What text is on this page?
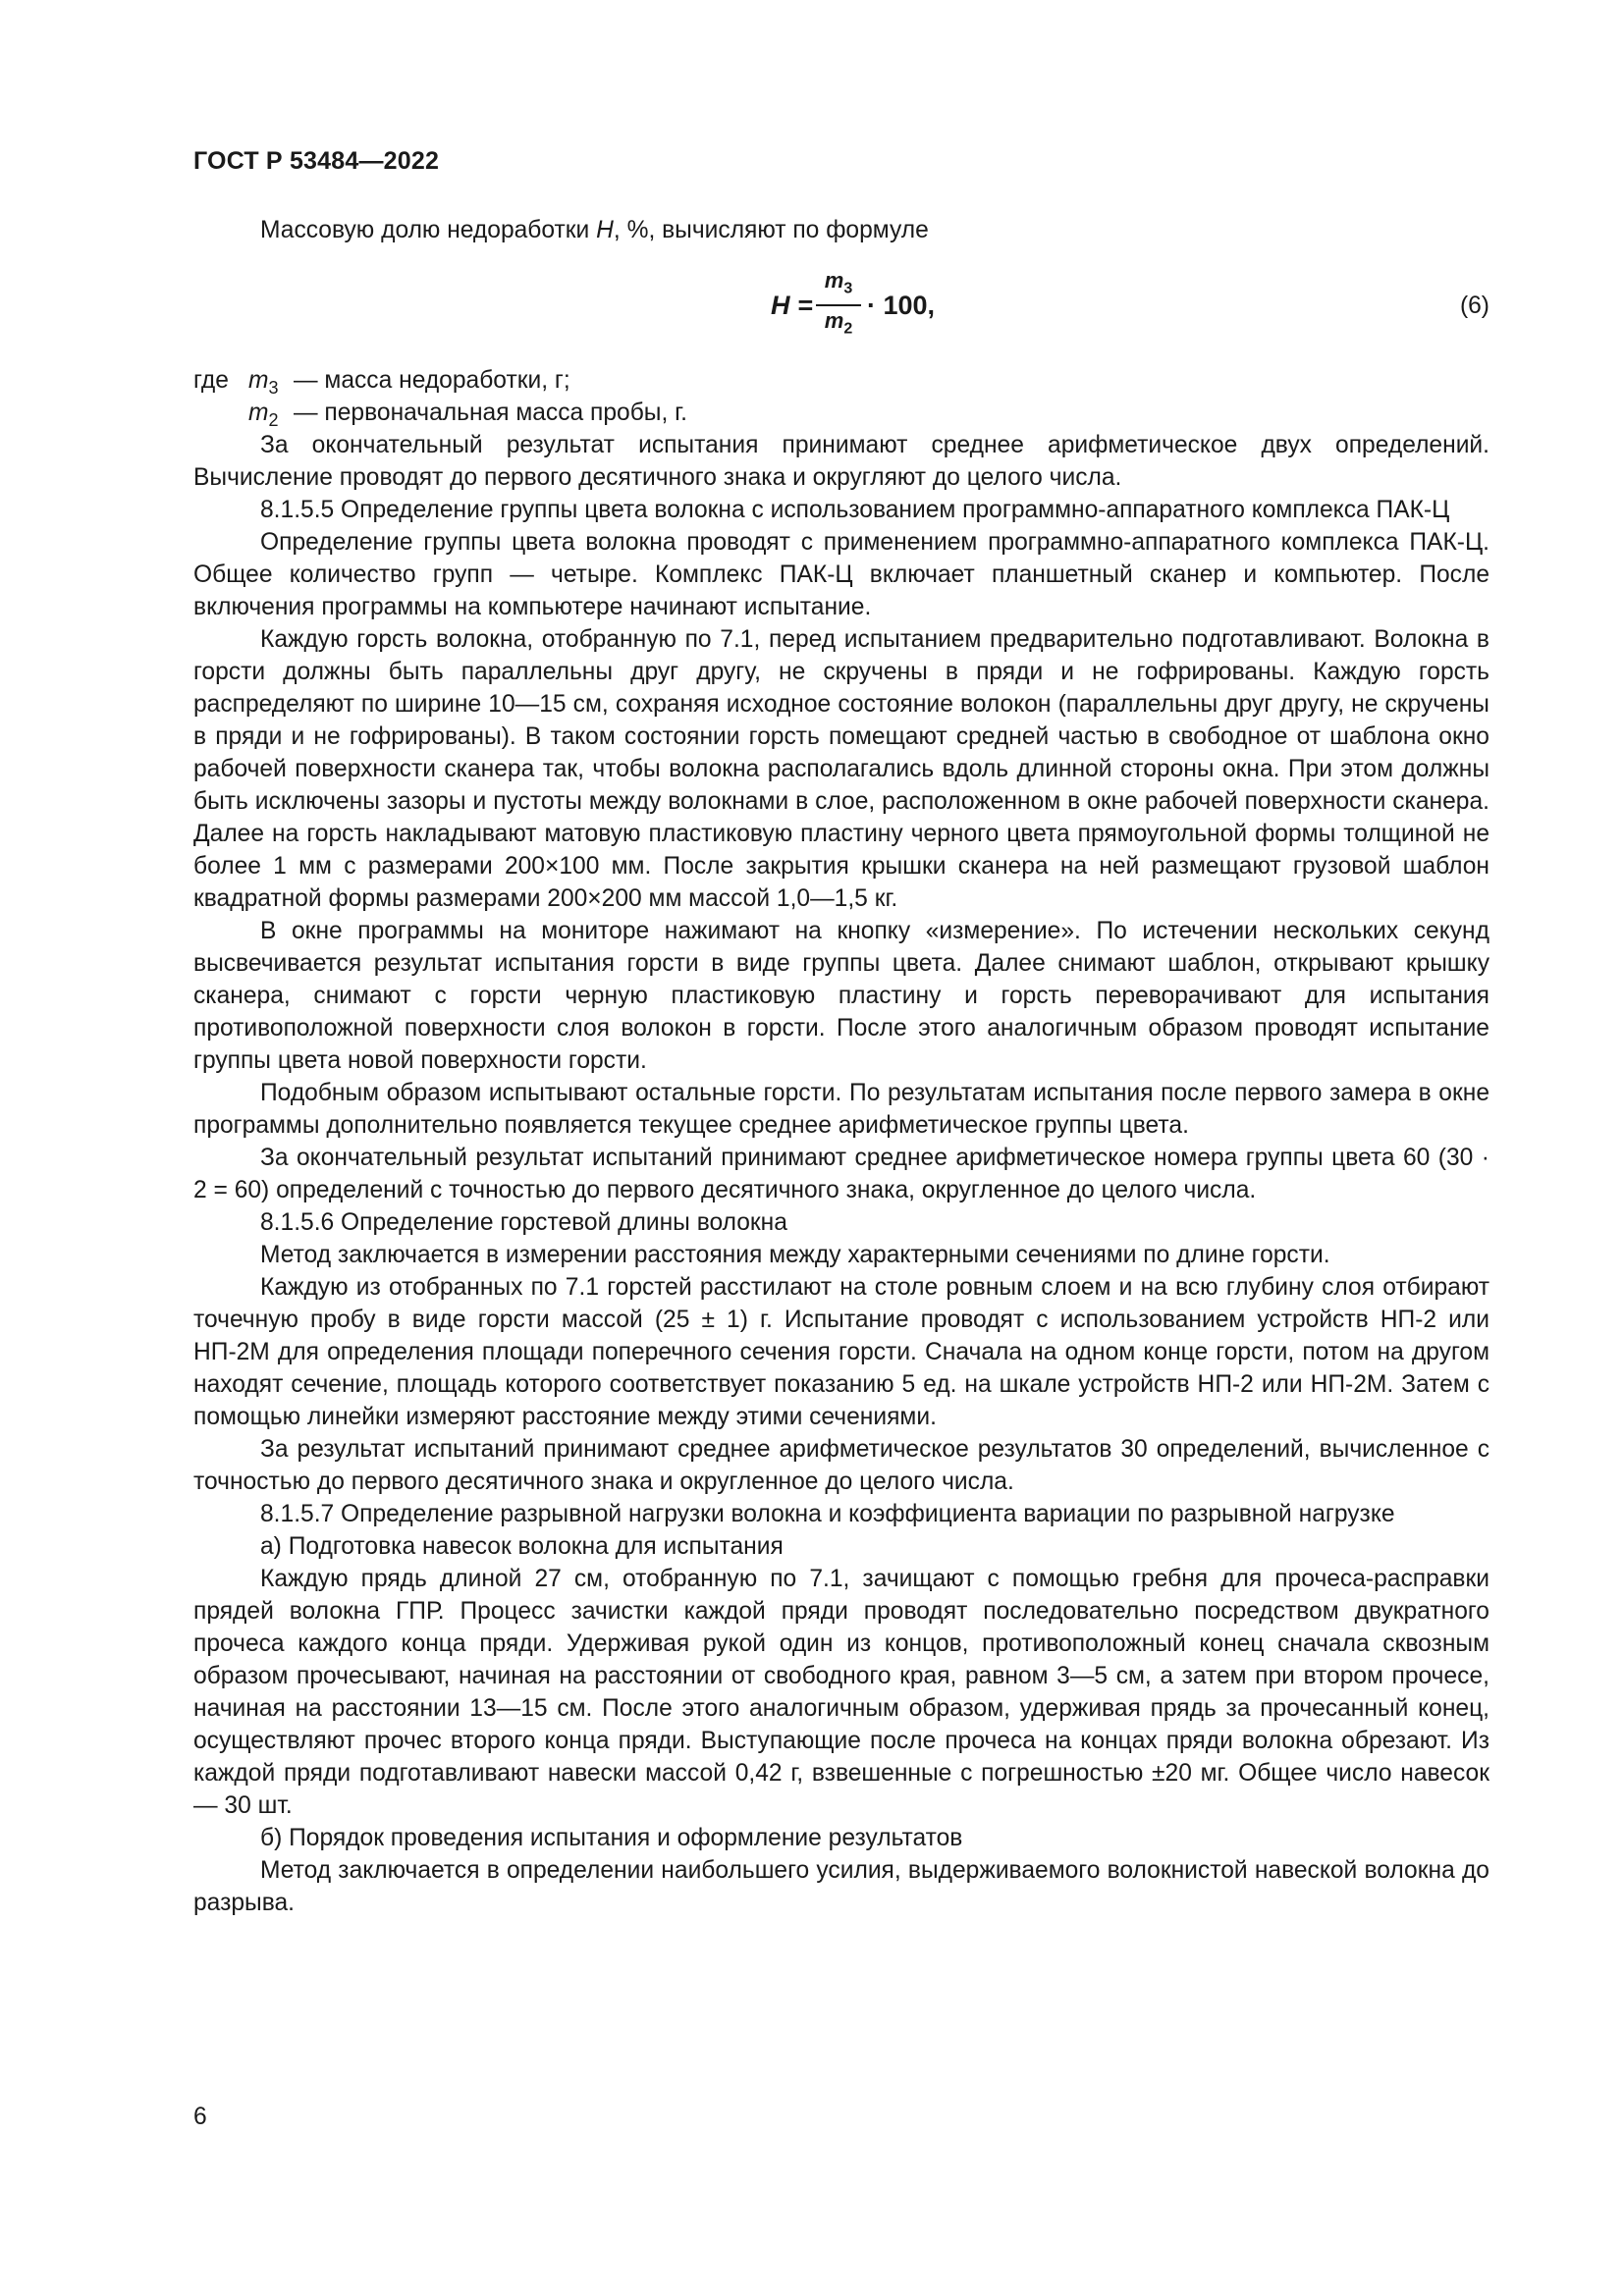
ГОСТ Р 53484—2022

Массовую долю недоработки H, %, вычисляют по формуле

$H = \frac{m_3}{m_2} \cdot 100$,	(6)
где $m_3$ — масса недоработки, г;
$m_2$ — первоначальная масса пробы, г.

За окончательный результат испытания принимают среднее арифметическое двух определений. Вычисление проводят до первого десятичного знака и округляют до целого числа.

8.1.5.5 Определение группы цвета волокна с использованием программно-аппаратного комплекса ПАК-Ц

Определение группы цвета волокна проводят с применением программно-аппаратного комплекса ПАК-Ц. Общее количество групп — четыре. Комплекс ПАК-Ц включает планшетный сканер и компьютер. После включения программы на компьютере начинают испытание.

Каждую горсть волокна, отобранную по 7.1, перед испытанием предварительно подготавливают. Волокна в горсти должны быть параллельны друг другу, не скручены в пряди и не гофрированы. Каждую горсть распределяют по ширине 10—15 см, сохраняя исходное состояние волокон (параллельны друг другу, не скручены в пряди и не гофрированы). В таком состоянии горсть помещают средней частью в свободное от шаблона окно рабочей поверхности сканера так, чтобы волокна располагались вдоль длинной стороны окна. При этом должны быть исключены зазоры и пустоты между волокнами в слое, расположенном в окне рабочей поверхности сканера. Далее на горсть накладывают матовую пластиковую пластину черного цвета прямоугольной формы толщиной не более 1 мм с размерами 200×100 мм. После закрытия крышки сканера на ней размещают грузовой шаблон квадратной формы размерами 200×200 мм массой 1,0—1,5 кг.

В окне программы на мониторе нажимают на кнопку «измерение». По истечении нескольких секунд высвечивается результат испытания горсти в виде группы цвета. Далее снимают шаблон, открывают крышку сканера, снимают с горсти черную пластиковую пластину и горсть переворачивают для испытания противоположной поверхности слоя волокон в горсти. После этого аналогичным образом проводят испытание группы цвета новой поверхности горсти.

Подобным образом испытывают остальные горсти. По результатам испытания после первого замера в окне программы дополнительно появляется текущее среднее арифметическое группы цвета.

За окончательный результат испытаний принимают среднее арифметическое номера группы цвета 60 (30 · 2 = 60) определений с точностью до первого десятичного знака, округленное до целого числа.

8.1.5.6 Определение горстевой длины волокна

Метод заключается в измерении расстояния между характерными сечениями по длине горсти.

Каждую из отобранных по 7.1 горстей расстилают на столе ровным слоем и на всю глубину слоя отбирают точечную пробу в виде горсти массой (25 ± 1) г. Испытание проводят с использованием устройств НП-2 или НП-2М для определения площади поперечного сечения горсти. Сначала на одном конце горсти, потом на другом находят сечение, площадь которого соответствует показанию 5 ед. на шкале устройств НП-2 или НП-2М. Затем с помощью линейки измеряют расстояние между этими сечениями.

За результат испытаний принимают среднее арифметическое результатов 30 определений, вычисленное с точностью до первого десятичного знака и округленное до целого числа.

8.1.5.7 Определение разрывной нагрузки волокна и коэффициента вариации по разрывной нагрузке

а) Подготовка навесок волокна для испытания

Каждую прядь длиной 27 см, отобранную по 7.1, зачищают с помощью гребня для прочеса-расправки прядей волокна ГПР. Процесс зачистки каждой пряди проводят последовательно посредством двукратного прочеса каждого конца пряди. Удерживая рукой один из концов, противоположный конец сначала сквозным образом прочесывают, начиная на расстоянии от свободного края, равном 3—5 см, а затем при втором прочесе, начиная на расстоянии 13—15 см. После этого аналогичным образом, удерживая прядь за прочесанный конец, осуществляют прочес второго конца пряди. Выступающие после прочеса на концах пряди волокна обрезают. Из каждой пряди подготавливают навески массой 0,42 г, взвешенные с погрешностью ±20 мг. Общее число навесок — 30 шт.

б) Порядок проведения испытания и оформление результатов

Метод заключается в определении наибольшего усилия, выдерживаемого волокнистой навеской волокна до разрыва.

6
